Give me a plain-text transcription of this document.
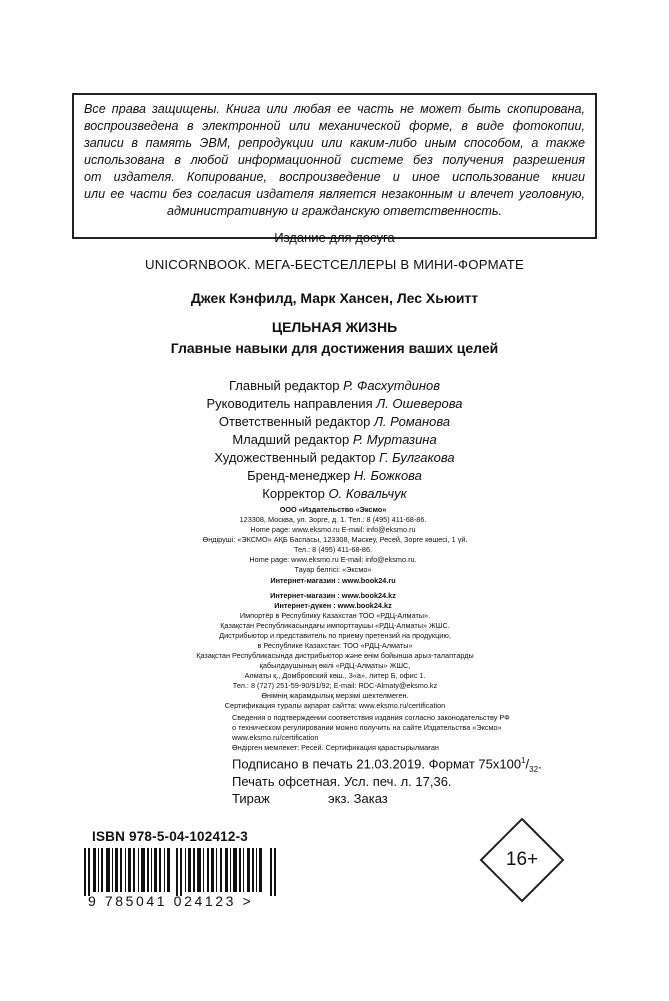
Все права защищены. Книга или любая ее часть не может быть скопирована,

воспроизведена в электронной или механической форме, в виде фотокопии,

записи в память ЭВМ, репродукции или каким-либо иным способом, а также

использована в любой информационной системе без получения разрешения

от издателя. Копирование, воспроизведение и иное использование книги

или ее части без согласия издателя является незаконным и влечет уголовную,

административную и гражданскую ответственность.

Издание для досуга
UNICORNBOOK. МЕГА-БЕСТСЕЛЛЕРЫ В МИНИ-ФОРМАТЕ
Джек Кэнфилд, Марк Хансен, Лес Хьюитт
ЦЕЛЬНАЯ ЖИЗНЬ
Главные навыки для достижения ваших целей
Главный редактор Р. Фасхутдинов
Руководитель направления Л. Ошеверова
Ответственный редактор Л. Романова
Младший редактор Р. Муртазина
Художественный редактор Г. Булгакова
Бренд-менеджер Н. Божкова
Корректор О. Ковальчук
ООО «Издательство «Эксмо»
123308, Москва, ул. Зорге, д. 1. Тел.: 8 (495) 411-68-86.
Home page: www.eksmo.ru E-mail: info@eksmo.ru
Өндіруші: «ЭКСМО» АҚБ Баспасы, 123308, Мәскеу, Ресей, Зорге көшесі, 1 үй.
Тел.: 8 (495) 411-68-86.
Home page: www.eksmo.ru E-mail: info@eksmo.ru.
Тауар белгісі: «Эксмо»
Интернет-магазин : www.book24.ru
Интернет-магазин : www.book24.kz
Интернет-дүкен : www.book24.kz
Импортёр в Республику Казахстан ТОО «РДЦ-Алматы».
Қазақстан Республикасындағы импорттаушы «РДЦ-Алматы» ЖШС.
Дистрибьютор и представитель по приему претензий на продукцию,
в Республике Казахстан: ТОО «РДЦ-Алматы»
Қазақстан Республикасында дистрибьютор және өнім бойынша арыз-талаптарды
қабылдаушының өкілі «РДЦ-Алматы» ЖШС,
Алматы қ., Домбровский көш., 3«а», литер Б, офис 1.
Тел.: 8 (727) 251-59-90/91/92; E-mail: RDC-Almaty@eksmo.kz
Өнімнің жарамдылық мерзімі шектелмеген.
Сертификация туралы ақпарат сайтта: www.eksmo.ru/certification
Сведения о подтверждении соответствия издания согласно законодательству РФ
о техническом регулировании можно получить на сайте Издательства «Эксмо»
www.eksmo.ru/certification
Өндірген мемлекет: Ресей. Сертификация қарастырылмаған
Подписано в печать 21.03.2019. Формат $75х100^1/_{32}$.
Печать офсетная. Усл. печ. л. 17,36.
Тираж	экз. Заказ
ISBN 978-5-04-102412-3
9 785041 024123 >
16+
